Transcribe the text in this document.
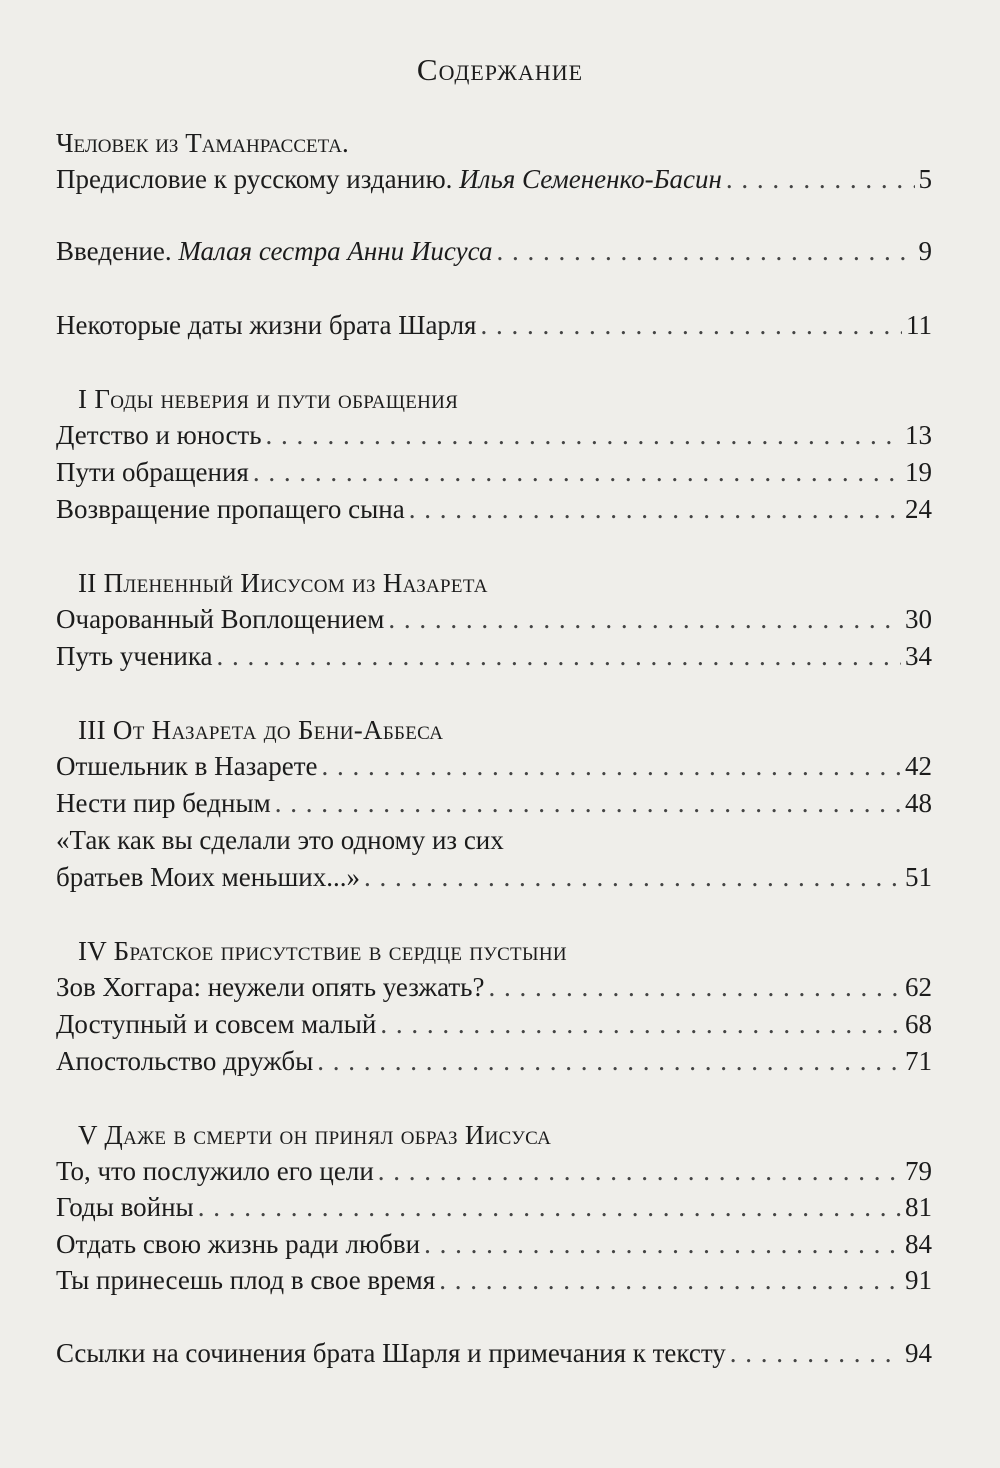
Содержание
Человек из Таманрассета.
Предисловие к русскому изданию. Илья Семененко-Басин . . .	5
Введение. Малая сестра Анни Иисуса . . .	9
Некоторые даты жизни брата Шарля . . .	11
I Годы неверия и пути обращения
Детство и юность . . .	13
Пути обращения . . .	19
Возвращение пропащего сына . . .	24
II Плененный Иисусом из Назарета
Очарованный Воплощением . . .	30
Путь ученика . . .	34
III От Назарета до Бени-Аббеса
Отшельник в Назарете . . .	42
Нести пир бедным . . .	48
«Так как вы сделали это одному из сих
братьев Моих меньших...» . . .	51
IV Братское присутствие в сердце пустыни
Зов Хоггара: неужели опять уезжать? . . .	62
Доступный и совсем малый . . .	68
Апостольство дружбы . . .	71
V Даже в смерти он принял образ Иисуса
То, что послужило его цели . . .	79
Годы войны . . .	81
Отдать свою жизнь ради любви . . .	84
Ты принесешь плод в свое время . . .	91
Ссылки на сочинения брата Шарля и примечания к тексту . . .	94
